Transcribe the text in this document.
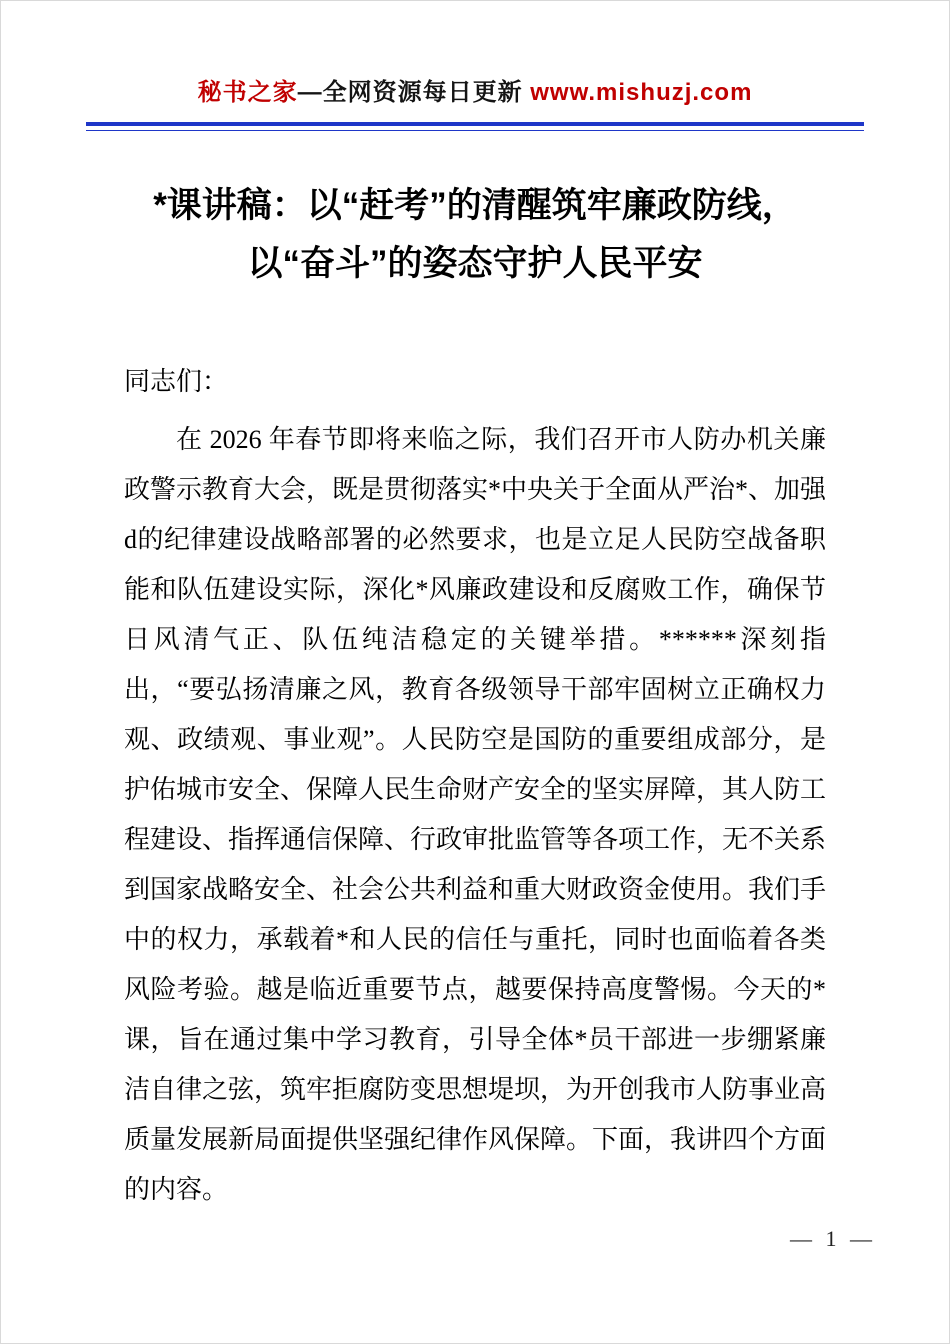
秘书之家—全网资源每日更新 www.mishuzj.com
*课讲稿：以“赶考”的清醒筑牢廉政防线，
以“奋斗”的姿态守护人民平安
同志们：

在 2026 年春节即将来临之际，我们召开市人防办机关廉政警示教育大会，既是贯彻落实*中央关于全面从严治*、加强d的纪律建设战略部署的必然要求，也是立足人民防空战备职能和队伍建设实际，深化*风廉政建设和反腐败工作，确保节日风清气正、队伍纯洁稳定的关键举措。******深刻指出，“要弘扬清廉之风，教育各级领导干部牢固树立正确权力观、政绩观、事业观”。人民防空是国防的重要组成部分，是护佑城市安全、保障人民生命财产安全的坚实屏障，其人防工程建设、指挥通信保障、行政审批监管等各项工作，无不关系到国家战略安全、社会公共利益和重大财政资金使用。我们手中的权力，承载着*和人民的信任与重托，同时也面临着各类风险考验。越是临近重要节点，越要保持高度警惕。今天的*课，旨在通过集中学习教育，引导全体*员干部进一步绷紧廉洁自律之弦，筑牢拒腐防变思想堤坝，为开创我市人防事业高质量发展新局面提供坚强纪律作风保障。下面，我讲四个方面的内容。

— 1 —
